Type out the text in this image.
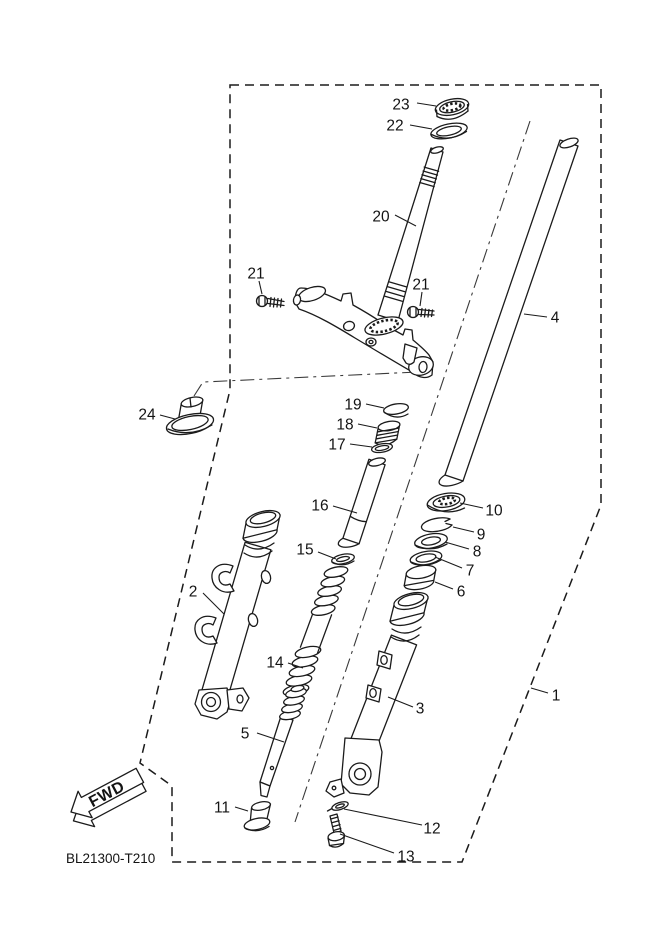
FWD
BL21300-T210
23
22
20
21
21
4
24
19
18
17
16	10
9
8
7
6
2
15
14
3
1
5
11
12
13
